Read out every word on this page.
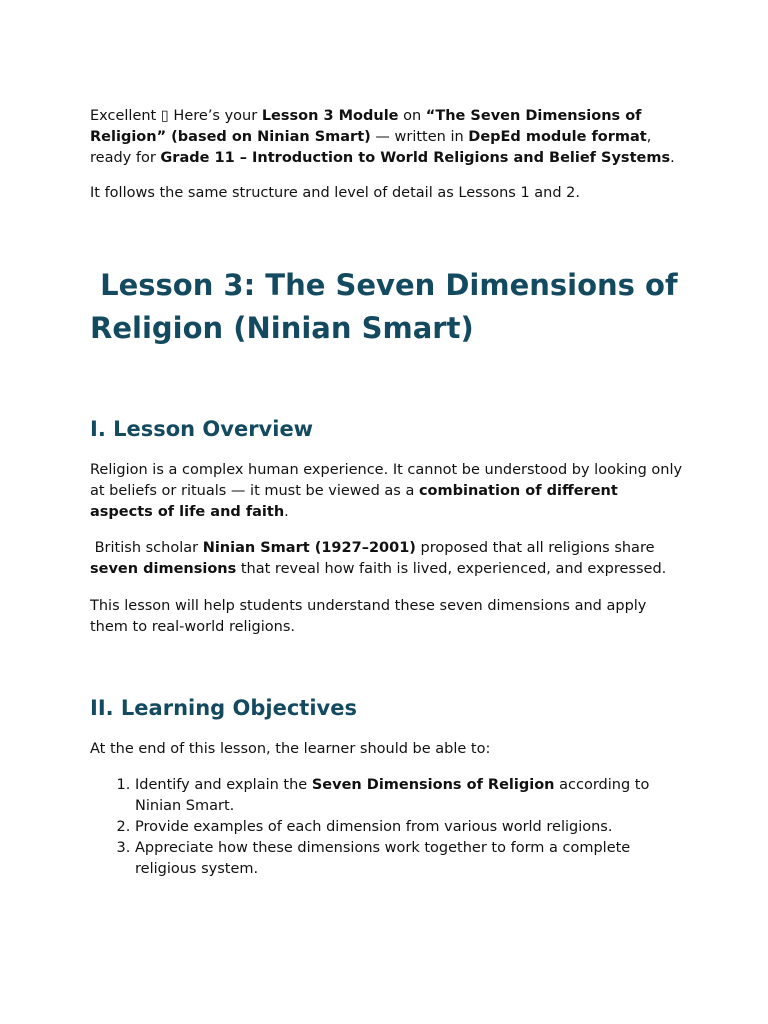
Excellent ▯ Here’s your Lesson 3 Module on “The Seven Dimensions of Religion” (based on Ninian Smart) — written in DepEd module format, ready for Grade 11 – Introduction to World Religions and Belief Systems.

It follows the same structure and level of detail as Lessons 1 and 2.

Lesson 3: The Seven Dimensions of Religion (Ninian Smart)
I. Lesson Overview

Religion is a complex human experience. It cannot be understood by looking only at beliefs or rituals — it must be viewed as a combination of different aspects of life and faith.

British scholar Ninian Smart (1927–2001) proposed that all religions share seven dimensions that reveal how faith is lived, experienced, and expressed.

This lesson will help students understand these seven dimensions and apply them to real-world religions.

II. Learning Objectives

At the end of this lesson, the learner should be able to:

1. Identify and explain the Seven Dimensions of Religion according to Ninian Smart.
2. Provide examples of each dimension from various world religions.
3. Appreciate how these dimensions work together to form a complete religious system.
